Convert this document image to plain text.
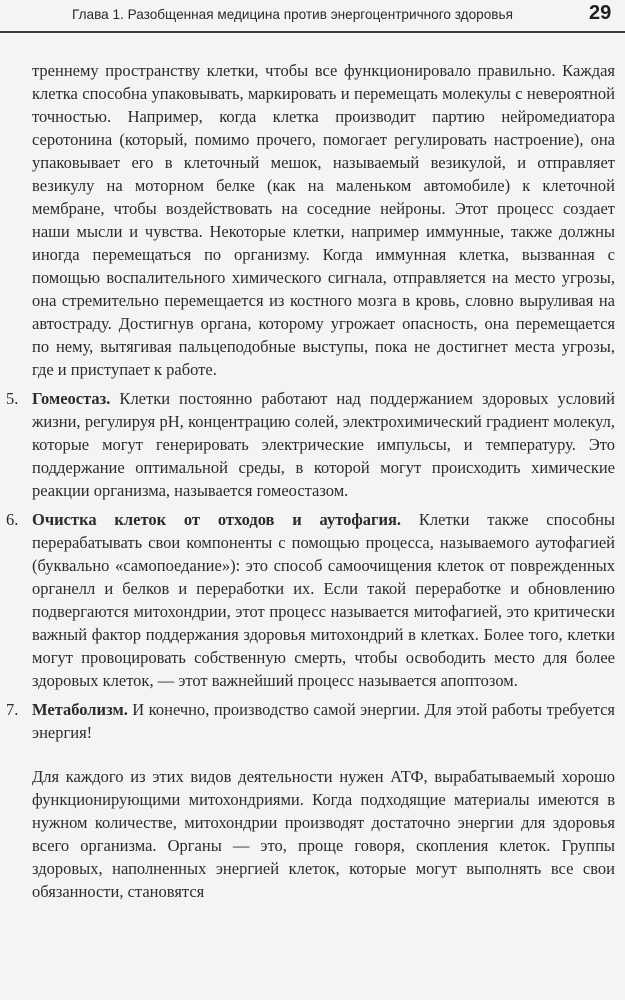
Глава 1. Разобщенная медицина против энергоцентричного здоровья	29

треннему пространству клетки, чтобы все функционировало правильно. Каждая клетка способна упаковывать, маркировать и перемещать молекулы с невероятной точностью. Например, когда клетка производит партию нейромедиатора серотонина (который, помимо прочего, помогает регулировать настроение), она упаковывает его в клеточный мешок, называемый везикулой, и отправляет везикулу на моторном белке (как на маленьком автомобиле) к клеточной мембране, чтобы воздействовать на соседние нейроны. Этот процесс создает наши мысли и чувства. Некоторые клетки, например иммунные, также должны иногда перемещаться по организму. Когда иммунная клетка, вызванная с помощью воспалительного химического сигнала, отправляется на место угрозы, она стремительно перемещается из костного мозга в кровь, словно выруливая на автостраду. Достигнув органа, которому угрожает опасность, она перемещается по нему, вытягивая пальцеподобные выступы, пока не достигнет места угрозы, где и приступает к работе.

5. Гомеостаз. Клетки постоянно работают над поддержанием здоровых условий жизни, регулируя pH, концентрацию солей, электрохимический градиент молекул, которые могут генерировать электрические импульсы, и температуру. Это поддержание оптимальной среды, в которой могут происходить химические реакции организма, называется гомеостазом.
6. Очистка клеток от отходов и аутофагия. Клетки также способны перерабатывать свои компоненты с помощью процесса, называемого аутофагией (буквально «самопоедание»): это способ самоочищения клеток от поврежденных органелл и белков и переработки их. Если такой переработке и обновлению подвергаются митохондрии, этот процесс называется митофагией, это критически важный фактор поддержания здоровья митохондрий в клетках. Более того, клетки могут провоцировать собственную смерть, чтобы освободить место для более здоровых клеток, — этот важнейший процесс называется апоптозом.
7. Метаболизм. И конечно, производство самой энергии. Для этой работы требуется энергия!

Для каждого из этих видов деятельности нужен АТФ, вырабатываемый хорошо функционирующими митохондриями. Когда подходящие материалы имеются в нужном количестве, митохондрии производят достаточно энергии для здоровья всего организма. Органы — это, проще говоря, скопления клеток. Группы здоровых, наполненных энергией клеток, которые могут выполнять все свои обязанности, становятся
